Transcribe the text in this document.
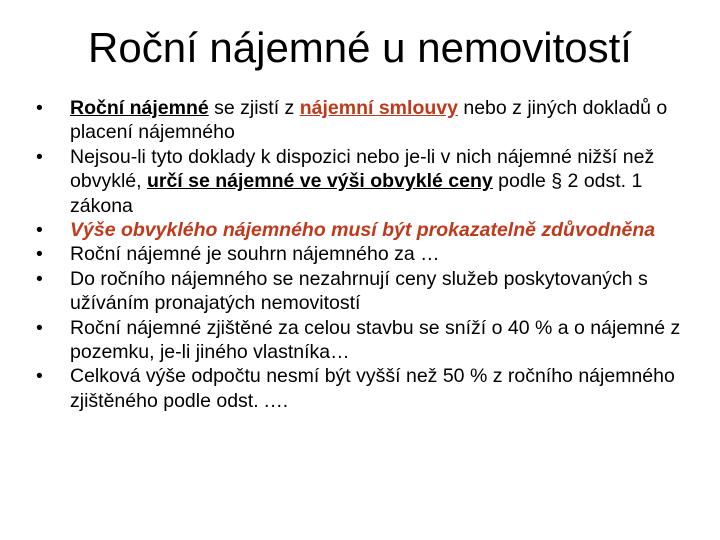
Roční nájemné u nemovitostí
•	Roční nájemné se zjistí z nájemní smlouvy nebo z jiných dokladů o placení nájemného
•	Nejsou-li tyto doklady k dispozici nebo je-li v nich nájemné nižší než obvyklé, určí se nájemné ve výši obvyklé ceny podle § 2 odst. 1 zákona
•	Výše obvyklého nájemného musí být prokazatelně zdůvodněna
•	Roční nájemné je souhrn nájemného za …
•	Do ročního nájemného se nezahrnují ceny služeb poskytovaných s užíváním pronajatých nemovitostí
•	Roční nájemné zjištěné za celou stavbu se sníží o 40 % a o nájemné z pozemku, je-li jiného vlastníka…
•	Celková výše odpočtu nesmí být vyšší než 50 % z ročního nájemného zjištěného podle odst. .…
